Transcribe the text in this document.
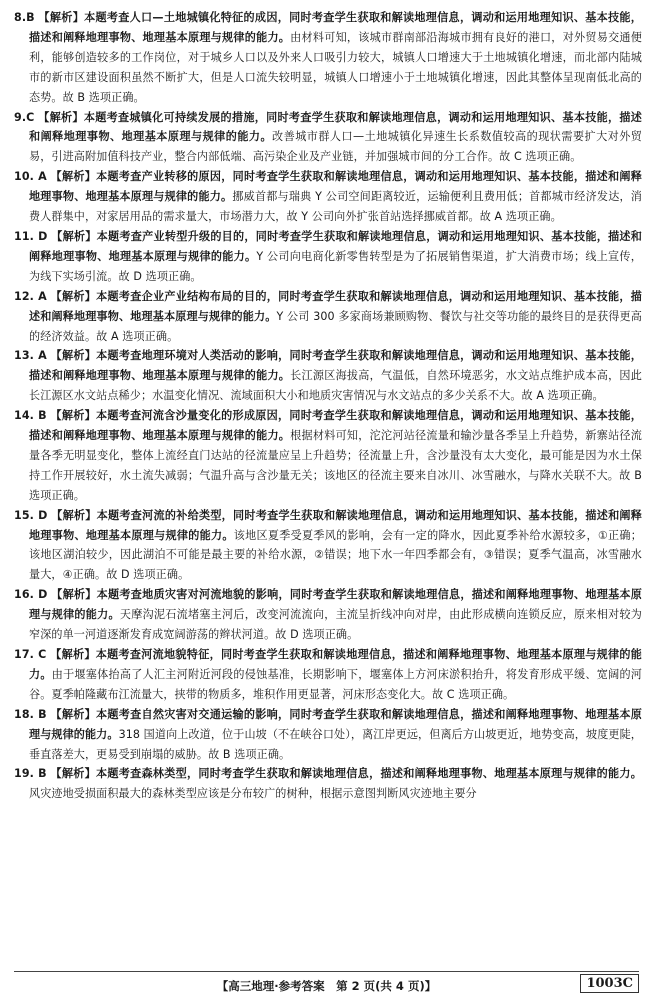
8.B 【解析】本题考查人口—土地城镇化特征的成因，同时考查学生获取和解读地理信息，调动和运用地理知识、基本技能，描述和阐释地理事物、地理基本原理与规律的能力。由材料可知，该城市群南部沿海城市拥有良好的港口，对外贸易交通便利，能够创造较多的工作岗位，对于城乡人口以及外来人口吸引力较大，城镇人口增速大于土地城镇化增速，而北部内陆城市的新市区建设面积虽然不断扩大，但是人口流失较明显，城镇人口增速小于土地城镇化增速，因此其整体呈现南低北高的态势。故 B 选项正确。

9.C 【解析】本题考查城镇化可持续发展的措施，同时考查学生获取和解读地理信息，调动和运用地理知识、基本技能，描述和阐释地理事物、地理基本原理与规律的能力。改善城市群人口—土地城镇化异速生长系数值较高的现状需要扩大对外贸易，引进高附加值科技产业，整合内部低端、高污染企业及产业链，并加强城市间的分工合作。故 C 选项正确。

10. A 【解析】本题考查产业转移的原因，同时考查学生获取和解读地理信息，调动和运用地理知识、基本技能，描述和阐释地理事物、地理基本原理与规律的能力。挪威首都与瑞典 Y 公司空间距离较近，运输便利且费用低；首都城市经济发达，消费人群集中，对家居用品的需求量大，市场潜力大，故 Y 公司向外扩张首站选择挪威首都。故 A 选项正确。

11. D 【解析】本题考查产业转型升级的目的，同时考查学生获取和解读地理信息，调动和运用地理知识、基本技能，描述和阐释地理事物、地理基本原理与规律的能力。Y 公司向电商化新零售转型是为了拓展销售渠道，扩大消费市场；线上宣传，为线下实场引流。故 D 选项正确。

12. A 【解析】本题考查企业产业结构布局的目的，同时考查学生获取和解读地理信息，调动和运用地理知识、基本技能，描述和阐释地理事物、地理基本原理与规律的能力。Y 公司 300 多家商场兼顾购物、餐饮与社交等功能的最终目的是获得更高的经济效益。故 A 选项正确。

13. A 【解析】本题考查地理环境对人类活动的影响，同时考查学生获取和解读地理信息，调动和运用地理知识、基本技能，描述和阐释地理事物、地理基本原理与规律的能力。长江源区海拔高，气温低，自然环境恶劣，水文站点维护成本高，因此长江源区水文站点稀少；水温变化情况、流域面积大小和地质灾害情况与水文站点的多少关系不大。故 A 选项正确。

14. B 【解析】本题考查河流含沙量变化的形成原因，同时考查学生获取和解读地理信息，调动和运用地理知识、基本技能，描述和阐释地理事物、地理基本原理与规律的能力。根据材料可知，沱沱河站径流量和输沙量各季呈上升趋势，新寨站径流量各季无明显变化，整体上流经直门达站的径流量应呈上升趋势；径流量上升，含沙量没有太大变化，最可能是因为水土保持工作开展较好，水土流失减弱；气温升高与含沙量无关；该地区的径流主要来自冰川、冰雪融水，与降水关联不大。故 B 选项正确。

15. D 【解析】本题考查河流的补给类型，同时考查学生获取和解读地理信息，调动和运用地理知识、基本技能，描述和阐释地理事物、地理基本原理与规律的能力。该地区夏季受夏季风的影响，会有一定的降水，因此夏季补给水源较多，①正确；该地区湖泊较少，因此湖泊不可能是最主要的补给水源，②错误；地下水一年四季都会有，③错误；夏季气温高，冰雪融水量大，④正确。故 D 选项正确。

16. D 【解析】本题考查地质灾害对河流地貌的影响，同时考查学生获取和解读地理信息，描述和阐释地理事物、地理基本原理与规律的能力。天摩沟泥石流堵塞主河后，改变河流流向，主流呈折线冲向对岸，由此形成横向连锁反应，原来相对较为窄深的单一河道逐渐发育成宽阔游荡的辫状河道。故 D 选项正确。

17. C 【解析】本题考查河流地貌特征，同时考查学生获取和解读地理信息，描述和阐释地理事物、地理基本原理与规律的能力。由于堰塞体抬高了人汇主河附近河段的侵蚀基准，长期影响下，堰塞体上方河床淤积抬升，将发育形成平缓、宽阔的河谷。夏季帕隆藏布江流量大，挟带的物质多，堆积作用更显著，河床形态变化大。故 C 选项正确。

18. B 【解析】本题考查自然灾害对交通运输的影响，同时考查学生获取和解读地理信息，描述和阐释地理事物、地理基本原理与规律的能力。318 国道向上改道，位于山坡（不在峡谷口处），离江岸更远，但离后方山坡更近，地势变高，坡度更陡，垂直落差大，更易受到崩塌的威胁。故 B 选项正确。

19. B 【解析】本题考查森林类型，同时考查学生获取和解读地理信息，描述和阐释地理事物、地理基本原理与规律的能力。风灾迹地受损面积最大的森林类型应该是分布较广的树种，根据示意图判断风灾迹地主要分

【高三地理·参考答案　第 2 页(共 4 页)】	1003C
